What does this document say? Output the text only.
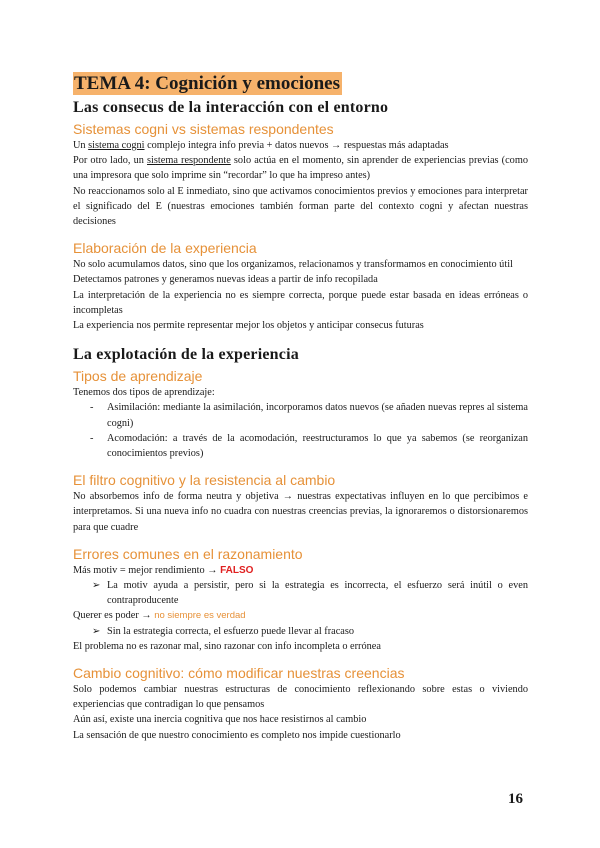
TEMA 4: Cognición y emociones
Las consecus de la interacción con el entorno
Sistemas cogni vs sistemas respondentes
Un sistema cogni complejo integra info previa + datos nuevos → respuestas más adaptadas
Por otro lado, un sistema respondente solo actúa en el momento, sin aprender de experiencias previas (como una impresora que solo imprime sin “recordar” lo que ha impreso antes)
No reaccionamos solo al E inmediato, sino que activamos conocimientos previos y emociones para interpretar el significado del E (nuestras emociones también forman parte del contexto cogni y afectan nuestras decisiones
Elaboración de la experiencia
No solo acumulamos datos, sino que los organizamos, relacionamos y transformamos en conocimiento útil
Detectamos patrones y generamos nuevas ideas a partir de info recopilada
La interpretación de la experiencia no es siempre correcta, porque puede estar basada en ideas erróneas o incompletas
La experiencia nos permite representar mejor los objetos y anticipar consecus futuras
La explotación de la experiencia
Tipos de aprendizaje
Tenemos dos tipos de aprendizaje:
- Asimilación: mediante la asimilación, incorporamos datos nuevos (se añaden nuevas repres al sistema cogni)
- Acomodación: a través de la acomodación, reestructuramos lo que ya sabemos (se reorganizan conocimientos previos)
El filtro cognitivo y la resistencia al cambio
No absorbemos info de forma neutra y objetiva → nuestras expectativas influyen en lo que percibimos e interpretamos. Si una nueva info no cuadra con nuestras creencias previas, la ignoraremos o distorsionaremos para que cuadre
Errores comunes en el razonamiento
Más motiv = mejor rendimiento → FALSO
➢ La motiv ayuda a persistir, pero si la estrategia es incorrecta, el esfuerzo será inútil o even contraproducente
Querer es poder → no siempre es verdad
➢ Sin la estrategia correcta, el esfuerzo puede llevar al fracaso
El problema no es razonar mal, sino razonar con info incompleta o errónea
Cambio cognitivo: cómo modificar nuestras creencias
Solo podemos cambiar nuestras estructuras de conocimiento reflexionando sobre estas o viviendo experiencias que contradigan lo que pensamos
Aún así, existe una inercia cognitiva que nos hace resistirnos al cambio
La sensación de que nuestro conocimiento es completo nos impide cuestionarlo
16
